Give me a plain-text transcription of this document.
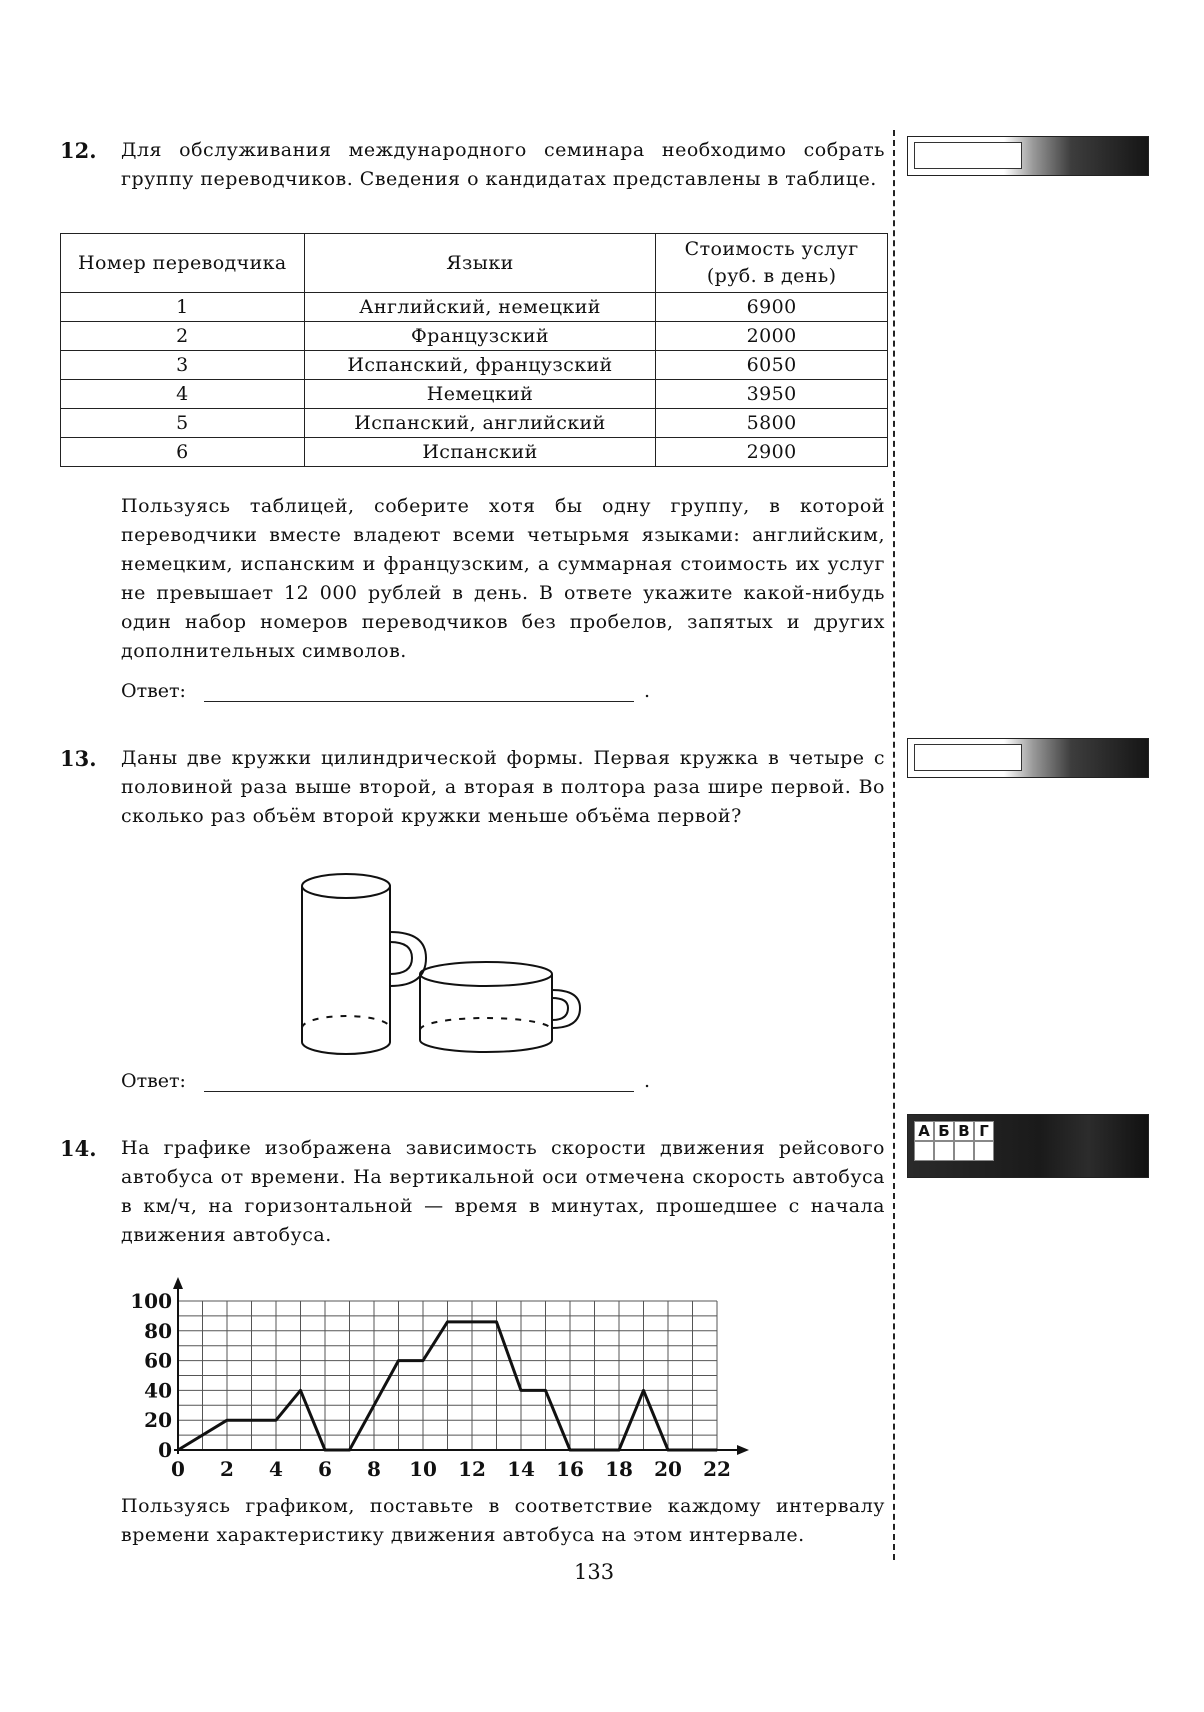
12. Для обслуживания международного семинара необходимо собрать группу переводчиков. Сведения о кандидатах представлены в таблице.
Номер переводчика	Языки	Стоимость услуг (руб. в день)
1	Английский, немецкий	6900
2	Французский	2000
3	Испанский, французский	6050
4	Немецкий	3950
5	Испанский, английский	5800
6	Испанский	2900
Пользуясь таблицей, соберите хотя бы одну группу, в которой переводчики вместе владеют всеми четырьмя языками: английским, немецким, испанским и французским, а суммарная стоимость их услуг не превышает 12 000 рублей в день. В ответе укажите какой-нибудь один набор номеров переводчиков без пробелов, запятых и других дополнительных символов.
Ответ:	.
13. Даны две кружки цилиндрической формы. Первая кружка в четыре с половиной раза выше второй, а вторая в полтора раза шире первой. Во сколько раз объём второй кружки меньше объёма первой?
Ответ:	.
14. На графике изображена зависимость скорости движения рейсового автобуса от времени. На вертикальной оси отмечена скорость автобуса в км/ч, на горизонтальной — время в минутах, прошедшее с начала движения автобуса.
0 2 4 6 8 10 12 14 16 18 20 22
0
20
40
60
80
100
Пользуясь графиком, поставьте в соответствие каждому интервалу времени характеристику движения автобуса на этом интервале.
133
А Б В Г
